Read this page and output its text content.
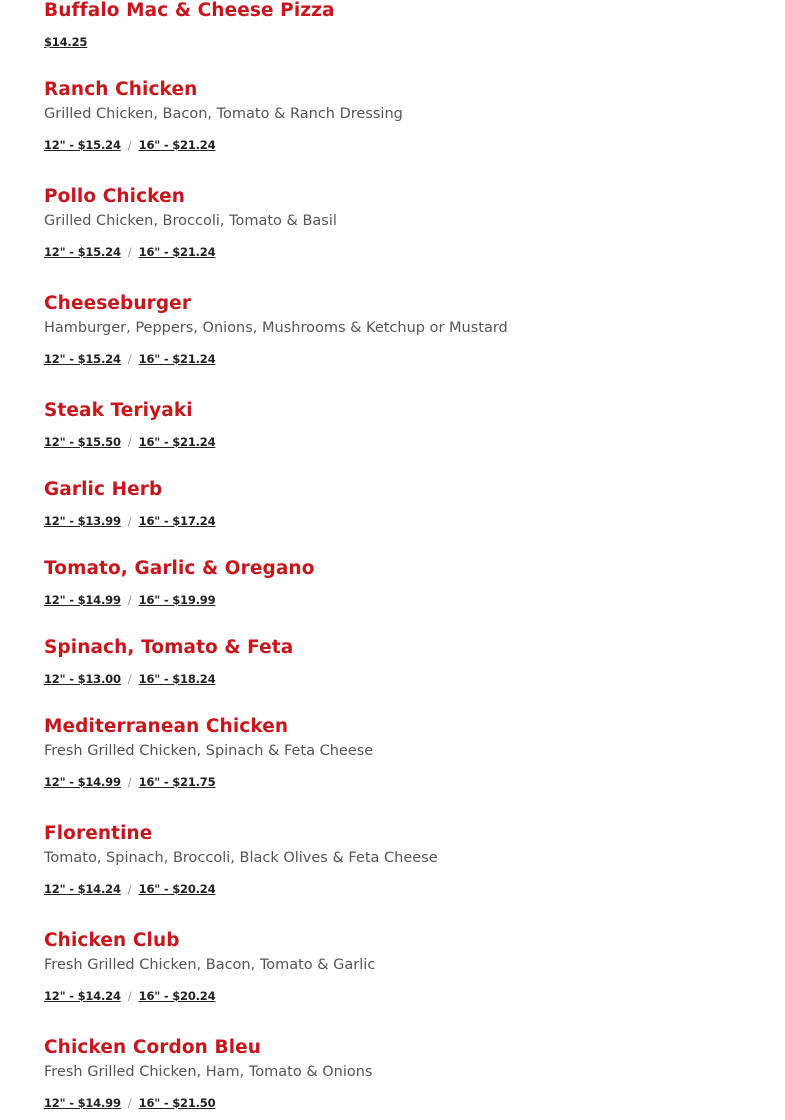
Buffalo Mac & Cheese Pizza
$14.25
Ranch Chicken
Grilled Chicken, Bacon, Tomato & Ranch Dressing
12" - $15.24 / 16" - $21.24
Pollo Chicken
Grilled Chicken, Broccoli, Tomato & Basil
12" - $15.24 / 16" - $21.24
Cheeseburger
Hamburger, Peppers, Onions, Mushrooms & Ketchup or Mustard
12" - $15.24 / 16" - $21.24
Steak Teriyaki
12" - $15.50 / 16" - $21.24
Garlic Herb
12" - $13.99 / 16" - $17.24
Tomato, Garlic & Oregano
12" - $14.99 / 16" - $19.99
Spinach, Tomato & Feta
12" - $13.00 / 16" - $18.24
Mediterranean Chicken
Fresh Grilled Chicken, Spinach & Feta Cheese
12" - $14.99 / 16" - $21.75
Florentine
Tomato, Spinach, Broccoli, Black Olives & Feta Cheese
12" - $14.24 / 16" - $20.24
Chicken Club
Fresh Grilled Chicken, Bacon, Tomato & Garlic
12" - $14.24 / 16" - $20.24
Chicken Cordon Bleu
Fresh Grilled Chicken, Ham, Tomato & Onions
12" - $14.99 / 16" - $21.50
